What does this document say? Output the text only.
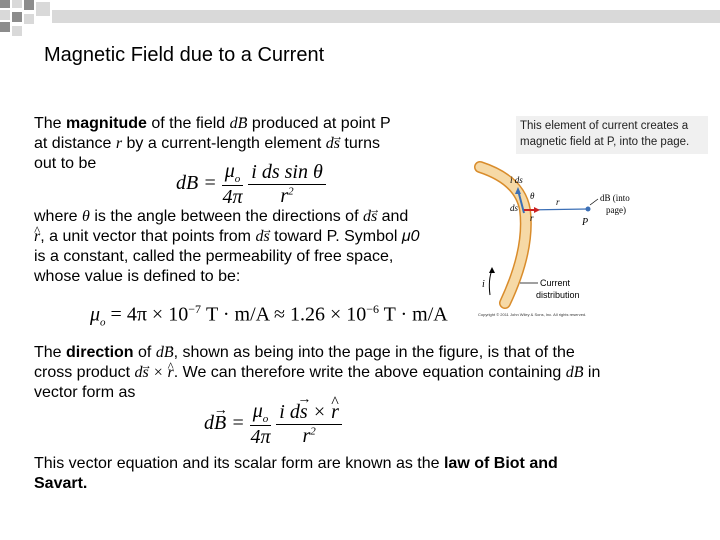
Magnetic Field due to a Current
The magnitude of the field d→ B produced at point P
at distance r by a current-length element d→ s turns
out to be
dB = $\frac{\mu_o}{4\pi}$
$\frac{\text{i ds sin θ}}{r^2}$
where θ is the angle between the directions of d→ s and
^ r, a unit vector that points from d→ s toward P. Symbol μ0
is a constant, called the permeability of free space,
whose value is defined to be:
$\mu_o = 4\pi \times 10^{-7}$ $T \cdot m/A \approx 1.26 \times 10^{-6}$ T · m/A
The direction of d→ B, shown as being into the page in the figure, is that of the
cross product d→ s × ^ r. We can therefore write the above equation containing d→ B in
vector form as
$d\to B = \frac{\mu_o}{4\pi}$
$\frac{\text{i d→ s × \textasciicircum{} r}}{r^2}$
This vector equation and its scalar form are known as the law of Biot and
Savart.
This element of current creates a magnetic field at P, into the page.
P
i
i ds
θ
ds
r
r
dB (into
page)
Current
distribution
Copyright © 2011 John Wiley & Sons, Inc. All rights reserved.
